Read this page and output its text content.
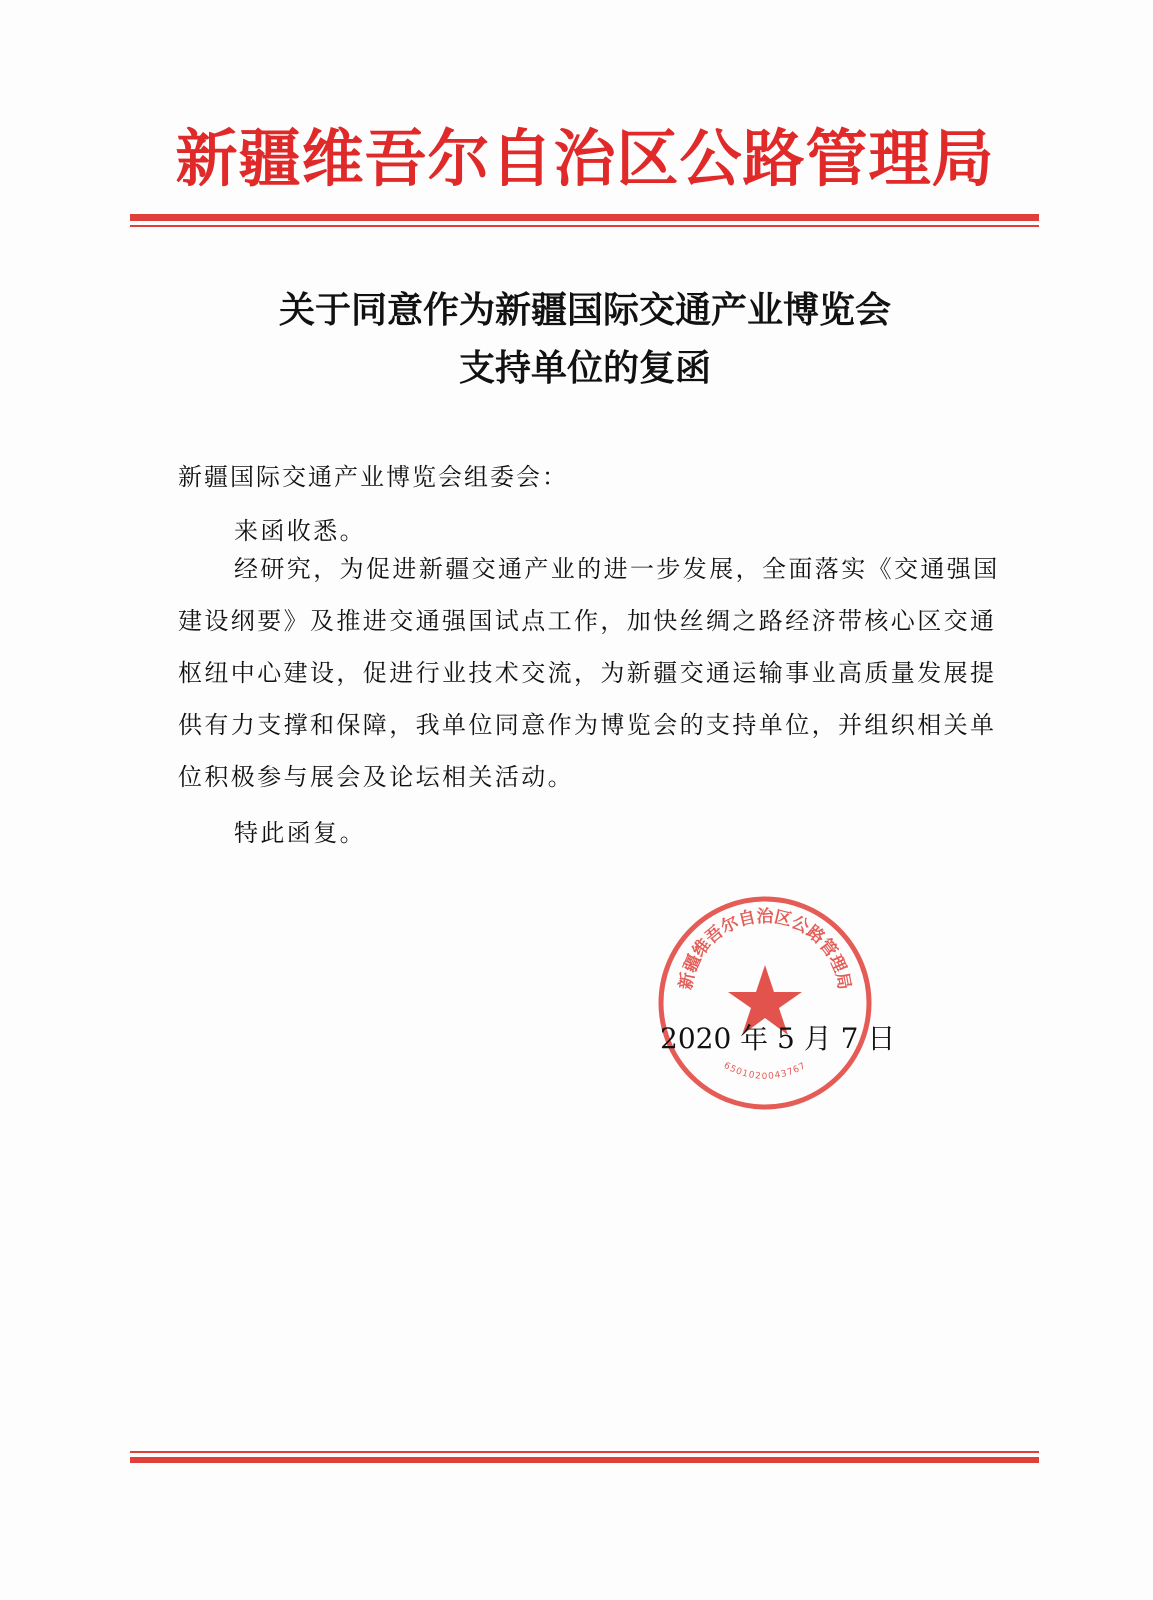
新疆维吾尔自治区公路管理局
关于同意作为新疆国际交通产业博览会
支持单位的复函
新疆国际交通产业博览会组委会：
来函收悉。
经研究，为促进新疆交通产业的进一步发展，全面落实《交通强国建设纲要》及推进交通强国试点工作，加快丝绸之路经济带核心区交通枢纽中心建设，促进行业技术交流，为新疆交通运输事业高质量发展提供有力支撑和保障，我单位同意作为博览会的支持单位，并组织相关单位积极参与展会及论坛相关活动。
特此函复。
新疆维吾尔自治区公路管理局
6501020043767
2020 年 5 月 7 日
